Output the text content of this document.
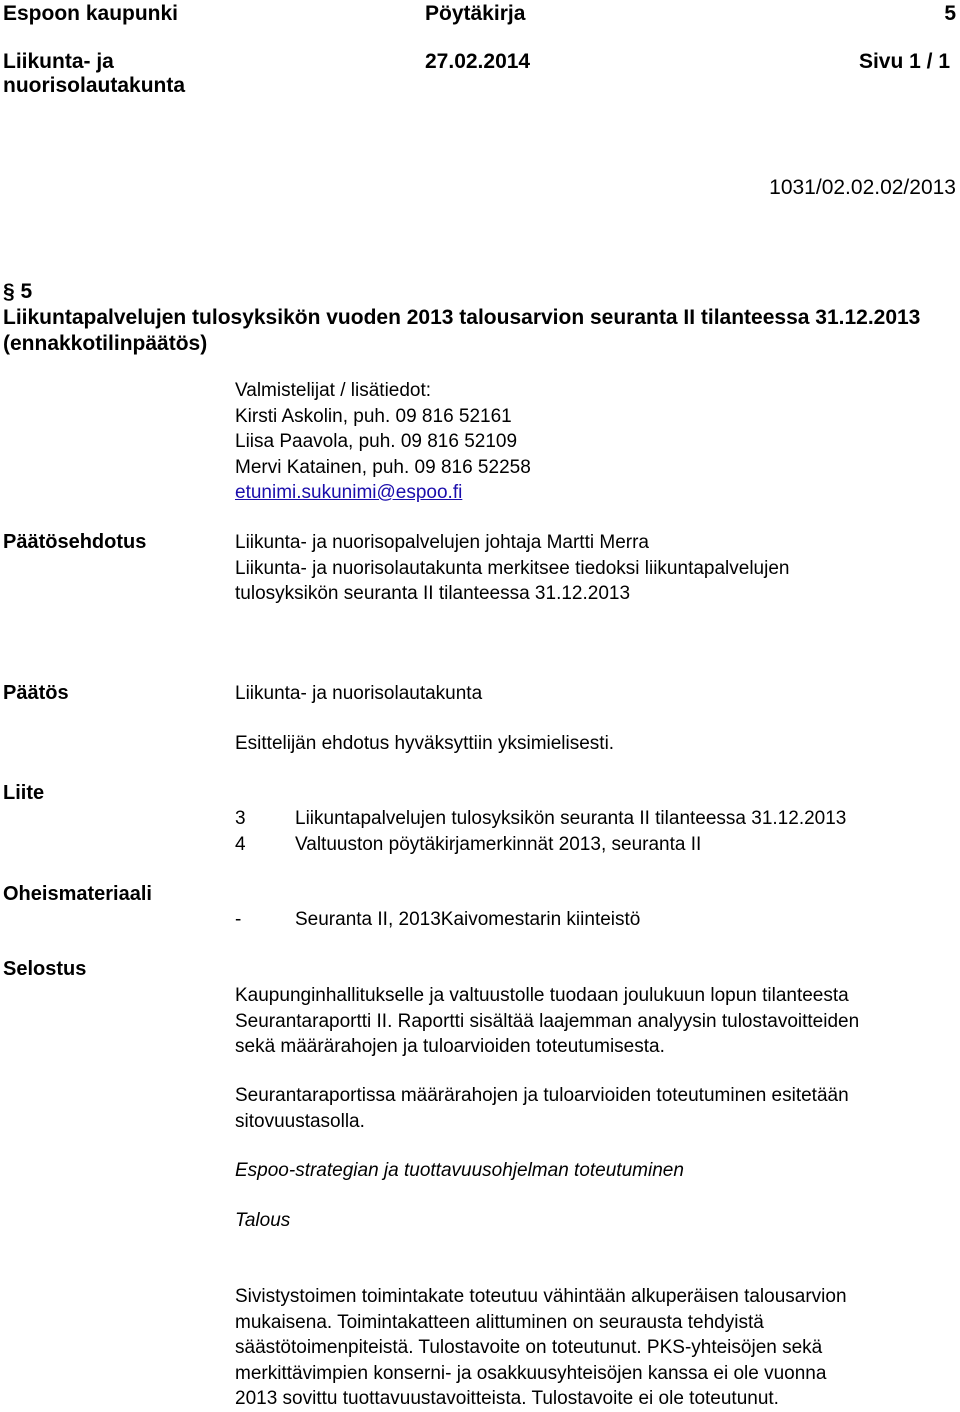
Espoon kaupunki	Pöytäkirja	5
Liikunta- ja
nuorisolautakunta
27.02.2014	Sivu 1 / 1
1031/02.02.02/2013
§ 5
Liikuntapalvelujen tulosyksikön vuoden 2013 talousarvion seuranta II tilanteessa 31.12.2013
(ennakkotilinpäätös)
Valmistelijat / lisätiedot:
Kirsti Askolin, puh. 09 816 52161
Liisa Paavola, puh. 09 816 52109
Mervi Katainen, puh. 09 816 52258
etunimi.sukunimi@espoo.fi
Päätösehdotus	Liikunta- ja nuorisopalvelujen johtaja Martti Merra
Liikunta- ja nuorisolautakunta merkitsee tiedoksi liikuntapalvelujen
tulosyksikön seuranta II tilanteessa 31.12.2013
Päätös	Liikunta- ja nuorisolautakunta
Esittelijän ehdotus hyväksyttiin yksimielisesti.
Liite
3	Liikuntapalvelujen tulosyksikön seuranta II tilanteessa 31.12.2013
4	Valtuuston pöytäkirjamerkinnät 2013, seuranta II
Oheismateriaali
-	Seuranta II, 2013Kaivomestarin kiinteistö
Selostus
Kaupunginhallitukselle ja valtuustolle tuodaan joulukuun lopun tilanteesta
Seurantaraportti II. Raportti sisältää laajemman analyysin tulostavoitteiden
sekä määrärahojen ja tuloarvioiden toteutumisesta.
Seurantaraportissa määrärahojen ja tuloarvioiden toteutuminen esitetään
sitovuustasolla.
Espoo-strategian ja tuottavuusohjelman toteutuminen
Talous
Sivistystoimen toimintakate toteutuu vähintään alkuperäisen talousarvion
mukaisena. Toimintakatteen alittuminen on seurausta tehdyistä
säästötoimenpiteistä. Tulostavoite on toteutunut. PKS-yhteisöjen sekä
merkittävimpien konserni- ja osakkuusyhteisöjen kanssa ei ole vuonna
2013 sovittu tuottavuustavoitteista. Tulostavoite ei ole toteutunut.
